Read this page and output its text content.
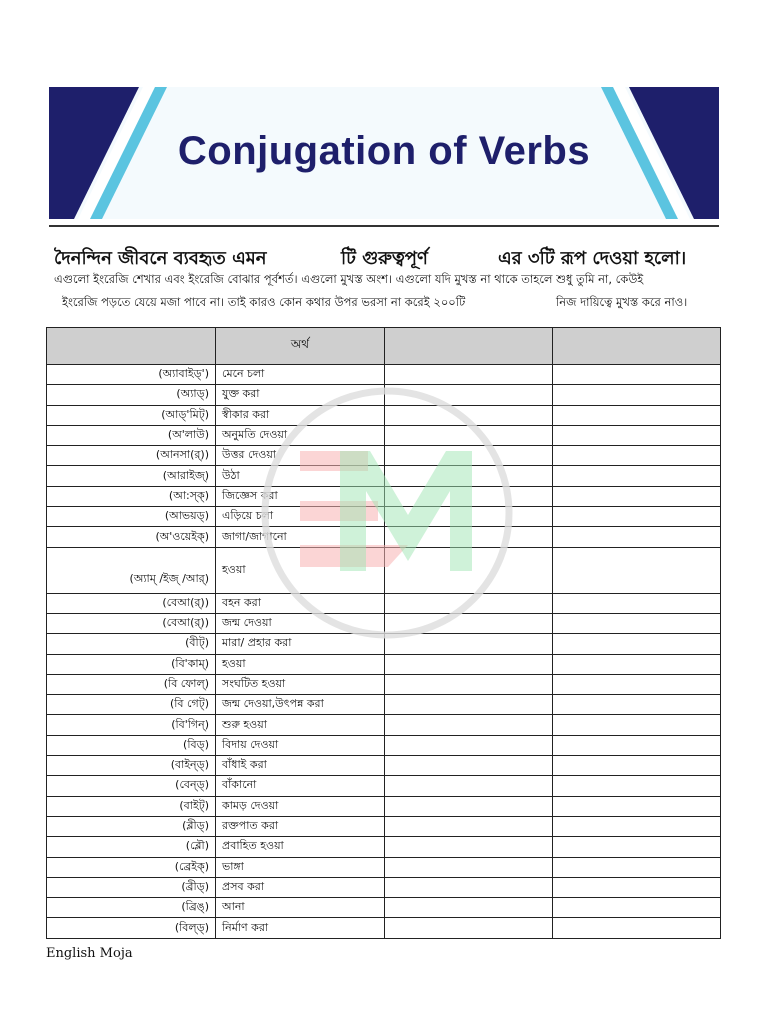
Conjugation of Verbs
দৈনন্দিন জীবনে ব্যবহৃত এমন	টি গুরুত্বপূর্ণ	এর ৩টি রূপ দেওয়া হলো।
এগুলো ইংরেজি শেখার এবং ইংরেজি বোঝার পূর্বশর্ত। এগুলো মুখস্ত অংশ। এগুলো যদি মুখস্ত না থাকে তাহলে শুধু তুমি না, কেউই
ইংরেজি পড়তে যেয়ে মজা পাবে না। তাই কারও কোন কথার উপর ভরসা না করেই ২০০টি	নিজ দায়িত্বে মুখস্ত করে নাও।
	অর্থ		
(অ্যাবাইড্')	মেনে চলা		
(অ্যাড্)	যুক্ত করা		
(আড্'মিট্)	স্বীকার করা		
(অ'লাউ)	অনুমতি দেওয়া		
(আনসা(র্))	উত্তর দেওয়া		
(আরাইজ্)	উঠা		
(আ:স্ক্)	জিজ্ঞেস করা		
(আভয়ড্)	এড়িয়ে চলা		
(অ'ওয়েইক্)	জাগা/জাগানো		
(অ্যাম্ /ইজ্ /আর্)	হওয়া		
(বেআ(র্))	বহন করা		
(বেআ(র্))	জন্ম দেওয়া		
(বীট্)	মারা/ প্রহার করা		
(বি'কাম্)	হওয়া		
(বি ফোল্)	সংঘটিত হওয়া		
(বি গেট্)	জন্ম দেওয়া,উৎপন্ন করা		
(বি'গিন্)	শুরু হওয়া		
(বিড্)	বিদায় দেওয়া		
(বাইন্ড্)	বাঁধাই করা		
(বেন্ড্)	বাঁকানো		
(বাইট্)	কামড় দেওয়া		
(ব্লীড্)	রক্তপাত করা		
(ব্লৌ)	প্রবাহিত হওয়া		
(ব্রেইক্)	ভাঙ্গা		
(ব্রীড্)	প্রসব করা		
(ব্রিঙ্)	আনা		
(বিল্ড্)	নির্মাণ করা		
English Moja
